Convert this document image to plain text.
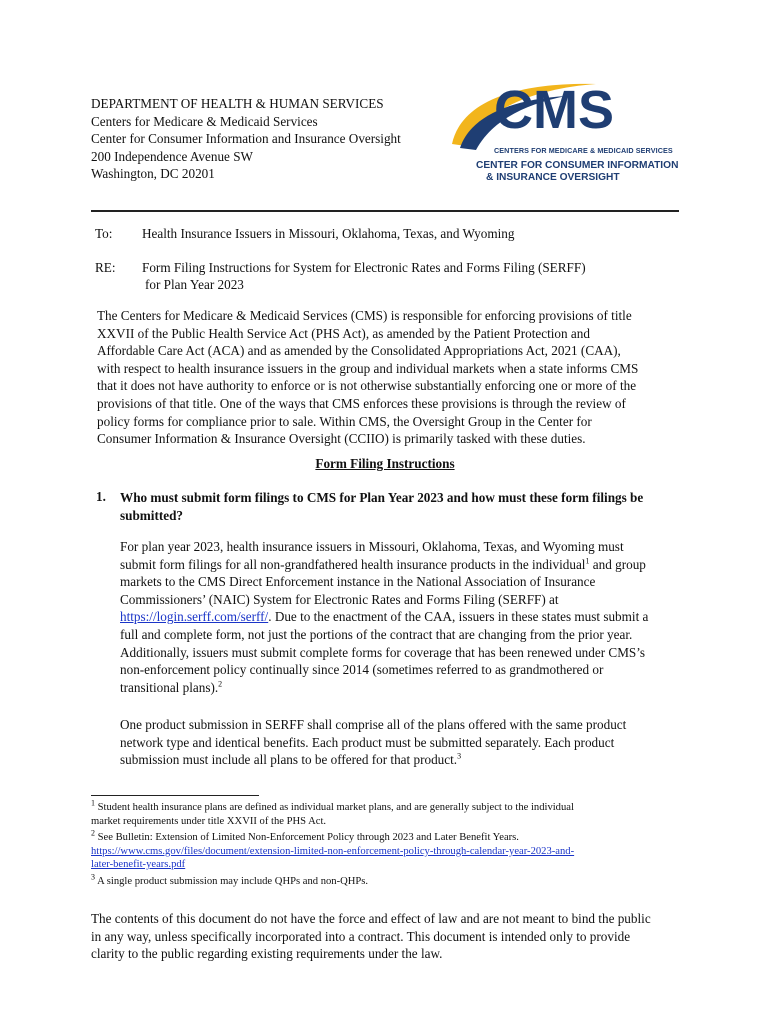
DEPARTMENT OF HEALTH & HUMAN SERVICES
Centers for Medicare & Medicaid Services
Center for Consumer Information and Insurance Oversight
200 Independence Avenue SW
Washington, DC 20201
CMS
CENTERS FOR MEDICARE & MEDICAID SERVICES
CENTER FOR CONSUMER INFORMATION
& INSURANCE OVERSIGHT
To: Health Insurance Issuers in Missouri, Oklahoma, Texas, and Wyoming
RE: Form Filing Instructions for System for Electronic Rates and Forms Filing (SERFF)
for Plan Year 2023
The Centers for Medicare & Medicaid Services (CMS) is responsible for enforcing provisions of title
XXVII of the Public Health Service Act (PHS Act), as amended by the Patient Protection and
Affordable Care Act (ACA) and as amended by the Consolidated Appropriations Act, 2021 (CAA),
with respect to health insurance issuers in the group and individual markets when a state informs CMS
that it does not have authority to enforce or is not otherwise substantially enforcing one or more of the
provisions of that title. One of the ways that CMS enforces these provisions is through the review of
policy forms for compliance prior to sale. Within CMS, the Oversight Group in the Center for
Consumer Information & Insurance Oversight (CCIIO) is primarily tasked with these duties.
Form Filing Instructions
1. Who must submit form filings to CMS for Plan Year 2023 and how must these form filings be
submitted?
For plan year 2023, health insurance issuers in Missouri, Oklahoma, Texas, and Wyoming must
submit form filings for all non-grandfathered health insurance products in the individual$^1$ and group
markets to the CMS Direct Enforcement instance in the National Association of Insurance
Commissioners’ (NAIC) System for Electronic Rates and Forms Filing (SERFF) at
https://login.serff.com/serff/. Due to the enactment of the CAA, issuers in these states must submit a
full and complete form, not just the portions of the contract that are changing from the prior year.
Additionally, issuers must submit complete forms for coverage that has been renewed under CMS’s
non-enforcement policy continually since 2014 (sometimes referred to as grandmothered or
transitional plans).$^2$
One product submission in SERFF shall comprise all of the plans offered with the same product
network type and identical benefits. Each product must be submitted separately. Each product
submission must include all plans to be offered for that product.$^3$
$^1$ Student health insurance plans are defined as individual market plans, and are generally subject to the individual
market requirements under title XXVII of the PHS Act.
$^2$ See Bulletin: Extension of Limited Non-Enforcement Policy through 2023 and Later Benefit Years.
https://www.cms.gov/files/document/extension-limited-non-enforcement-policy-through-calendar-year-2023-and-
later-benefit-years.pdf
$^3$ A single product submission may include QHPs and non-QHPs.
The contents of this document do not have the force and effect of law and are not meant to bind the public
in any way, unless specifically incorporated into a contract. This document is intended only to provide
clarity to the public regarding existing requirements under the law.
